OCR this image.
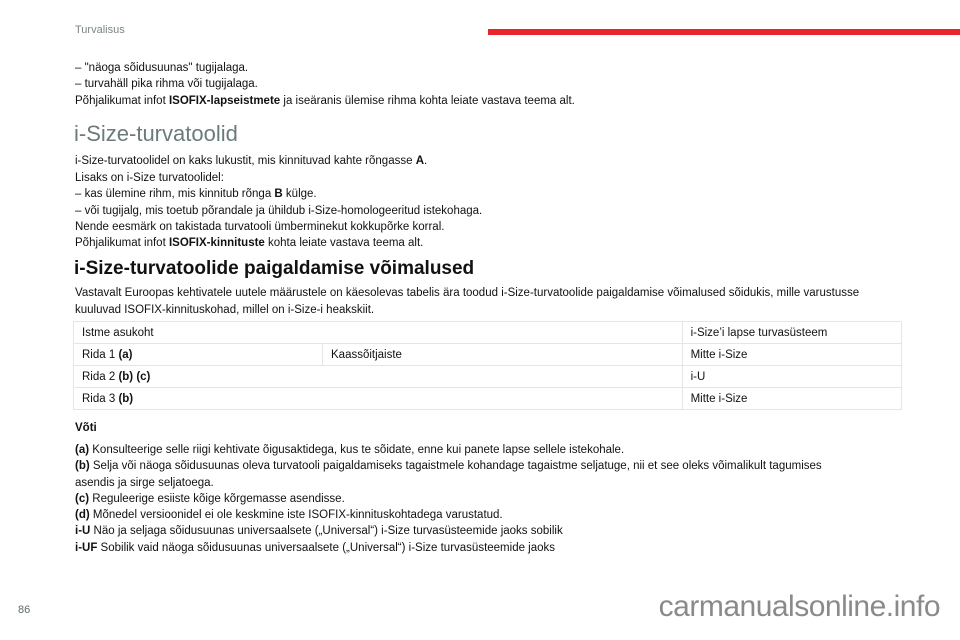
Turvalisus
– "näoga sõidusuunas" tugijalaga.
– turvahäll pika rihma või tugijalaga.
Põhjalikumat infot ISOFIX-lapseistmete ja iseäranis ülemise rihma kohta leiate vastava teema alt.
i-Size-turvatoolid
i-Size-turvatoolidel on kaks lukustit, mis kinnituvad kahte rõngasse A.
Lisaks on i-Size turvatoolidel:
– kas ülemine rihm, mis kinnitub rõnga B külge.
– või tugijalg, mis toetub põrandale ja ühildub i-Size-homologeeritud istekohaga.
Nende eesmärk on takistada turvatooli ümberminekut kokkupõrke korral.
Põhjalikumat infot ISOFIX-kinnituste kohta leiate vastava teema alt.
i-Size-turvatoolide paigaldamise võimalused
Vastavalt Euroopas kehtivatele uutele määrustele on käesolevas tabelis ära toodud i-Size-turvatoolide paigaldamise võimalused sõidukis, mille varustusse
kuuluvad ISOFIX-kinnituskohad, millel on i-Size-i heakskiit.
Istme asukoht		i-Size’i lapse turvasüsteem
Rida 1 (a)	Kaassõitjaiste	Mitte i-Size
Rida 2 (b) (c)		i-U
Rida 3 (b)		Mitte i-Size
Võti
(a) Konsulteerige selle riigi kehtivate õigusaktidega, kus te sõidate, enne kui panete lapse sellele istekohale.
(b) Selja või näoga sõidusuunas oleva turvatooli paigaldamiseks tagaistmele kohandage tagaistme seljatuge, nii et see oleks võimalikult tagumises
asendis ja sirge seljatoega.
(c) Reguleerige esiiste kõige kõrgemasse asendisse.
(d) Mõnedel versioonidel ei ole keskmine iste ISOFIX-kinnituskohtadega varustatud.
i-U Näo ja seljaga sõidusuunas universaalsete („Universal“) i-Size turvasüsteemide jaoks sobilik
i-UF Sobilik vaid näoga sõidusuunas universaalsete („Universal“) i-Size turvasüsteemide jaoks
86	carmanualsonline.info
